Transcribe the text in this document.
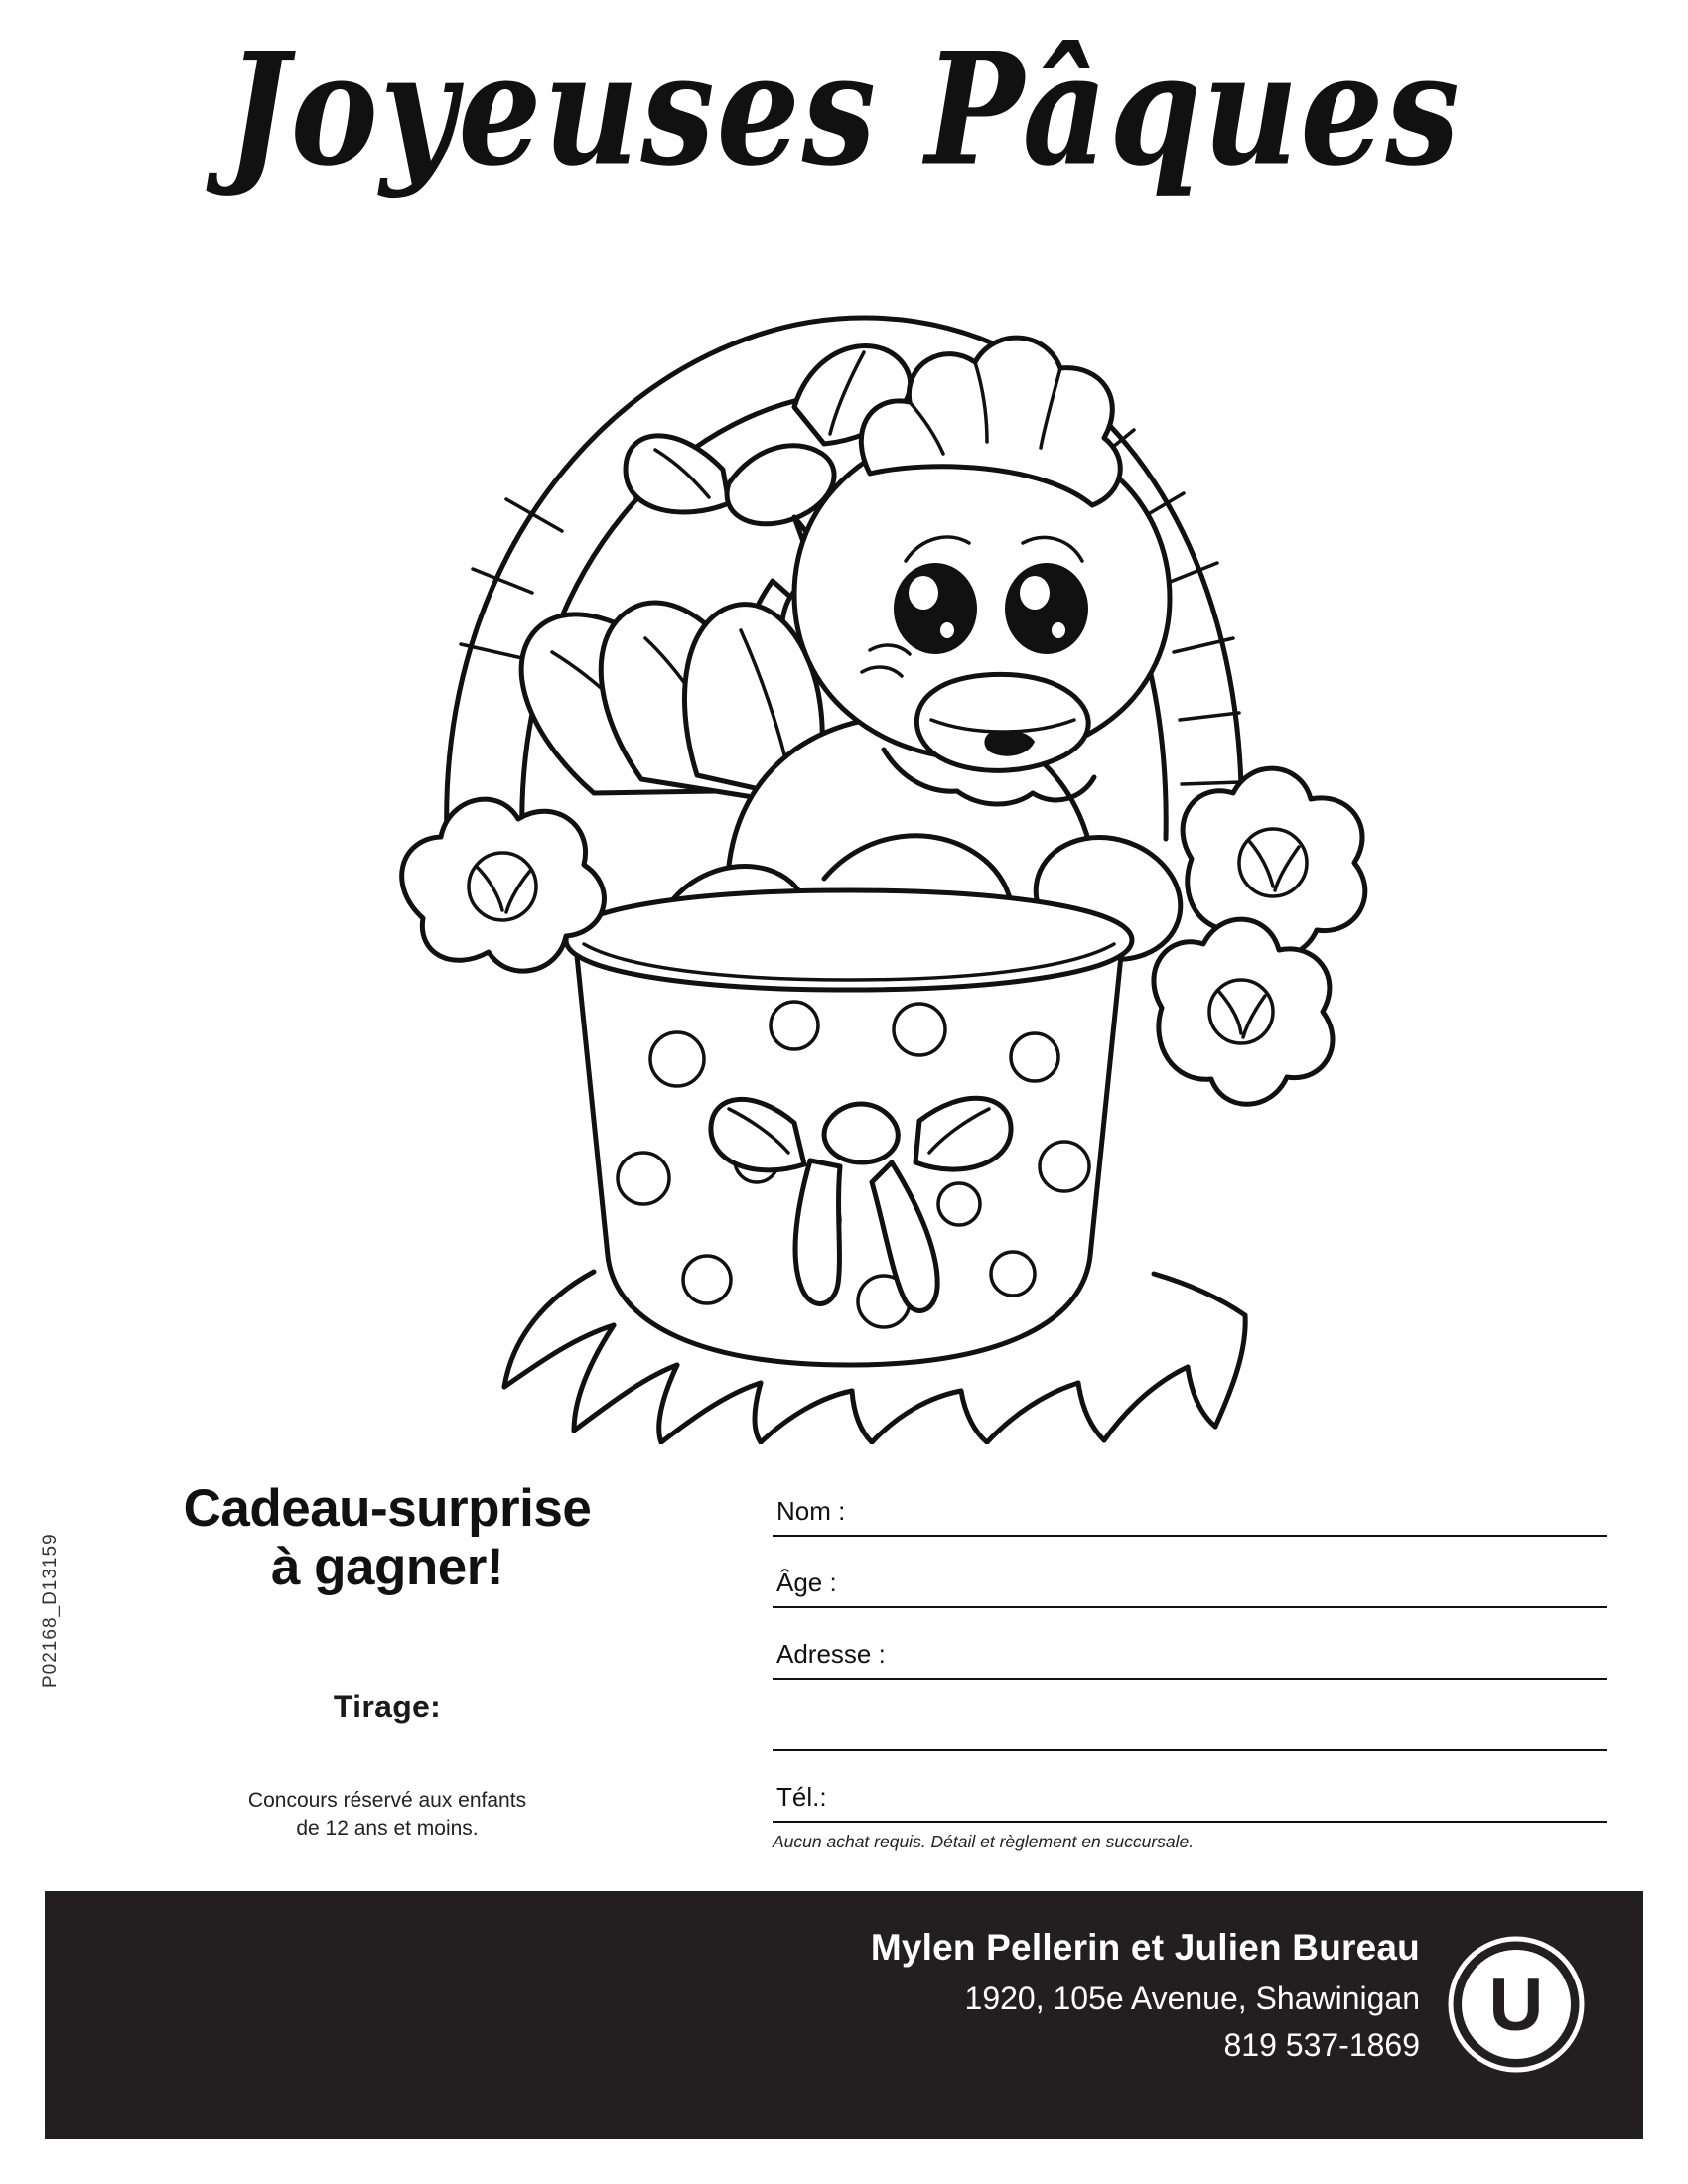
Joyeuses Pâques
Cadeau-surprise
à gagner!
Tirage:
Concours réservé aux enfants
de 12 ans et moins.
Nom :
Âge :
Adresse :
Tél.:
Aucun achat requis. Détail et règlement en succursale.
P02168_D13159
Mylen Pellerin et Julien Bureau
1920, 105e Avenue, Shawinigan
819 537-1869 U
